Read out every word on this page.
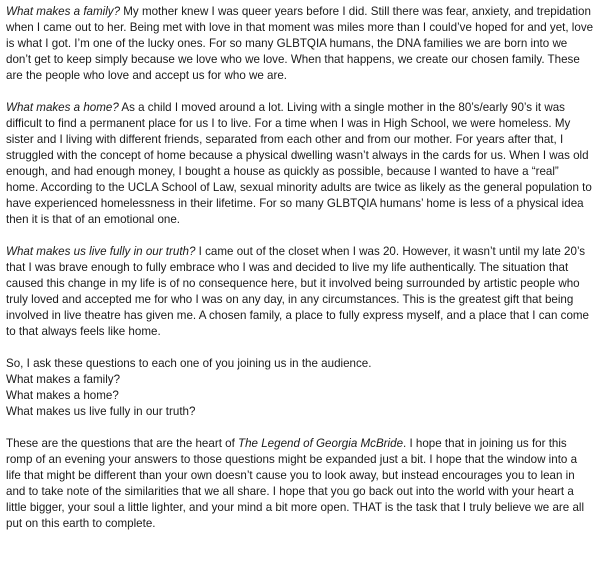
What makes a family? My mother knew I was queer years before I did. Still there was fear, anxiety, and trepidation when I came out to her. Being met with love in that moment was miles more than I could’ve hoped for and yet, love is what I got. I’m one of the lucky ones. For so many GLBTQIA humans, the DNA families we are born into we don’t get to keep simply because we love who we love. When that happens, we create our chosen family. These are the people who love and accept us for who we are.

What makes a home? As a child I moved around a lot. Living with a single mother in the 80’s/early 90’s it was difficult to find a permanent place for us I to live. For a time when I was in High School, we were homeless. My sister and I living with different friends, separated from each other and from our mother. For years after that, I struggled with the concept of home because a physical dwelling wasn’t always in the cards for us. When I was old enough, and had enough money, I bought a house as quickly as possible, because I wanted to have a “real” home. According to the UCLA School of Law, sexual minority adults are twice as likely as the general population to have experienced homelessness in their lifetime. For so many GLBTQIA humans’ home is less of a physical idea then it is that of an emotional one.

What makes us live fully in our truth? I came out of the closet when I was 20. However, it wasn’t until my late 20’s that I was brave enough to fully embrace who I was and decided to live my life authentically. The situation that caused this change in my life is of no consequence here, but it involved being surrounded by artistic people who truly loved and accepted me for who I was on any day, in any circumstances. This is the greatest gift that being involved in live theatre has given me. A chosen family, a place to fully express myself, and a place that I can come to that always feels like home.

So, I ask these questions to each one of you joining us in the audience.
What makes a family?
What makes a home?
What makes us live fully in our truth?

These are the questions that are the heart of The Legend of Georgia McBride. I hope that in joining us for this romp of an evening your answers to those questions might be expanded just a bit. I hope that the window into a life that might be different than your own doesn’t cause you to look away, but instead encourages you to lean in and to take note of the similarities that we all share. I hope that you go back out into the world with your heart a little bigger, your soul a little lighter, and your mind a bit more open. THAT is the task that I truly believe we are all put on this earth to complete.
